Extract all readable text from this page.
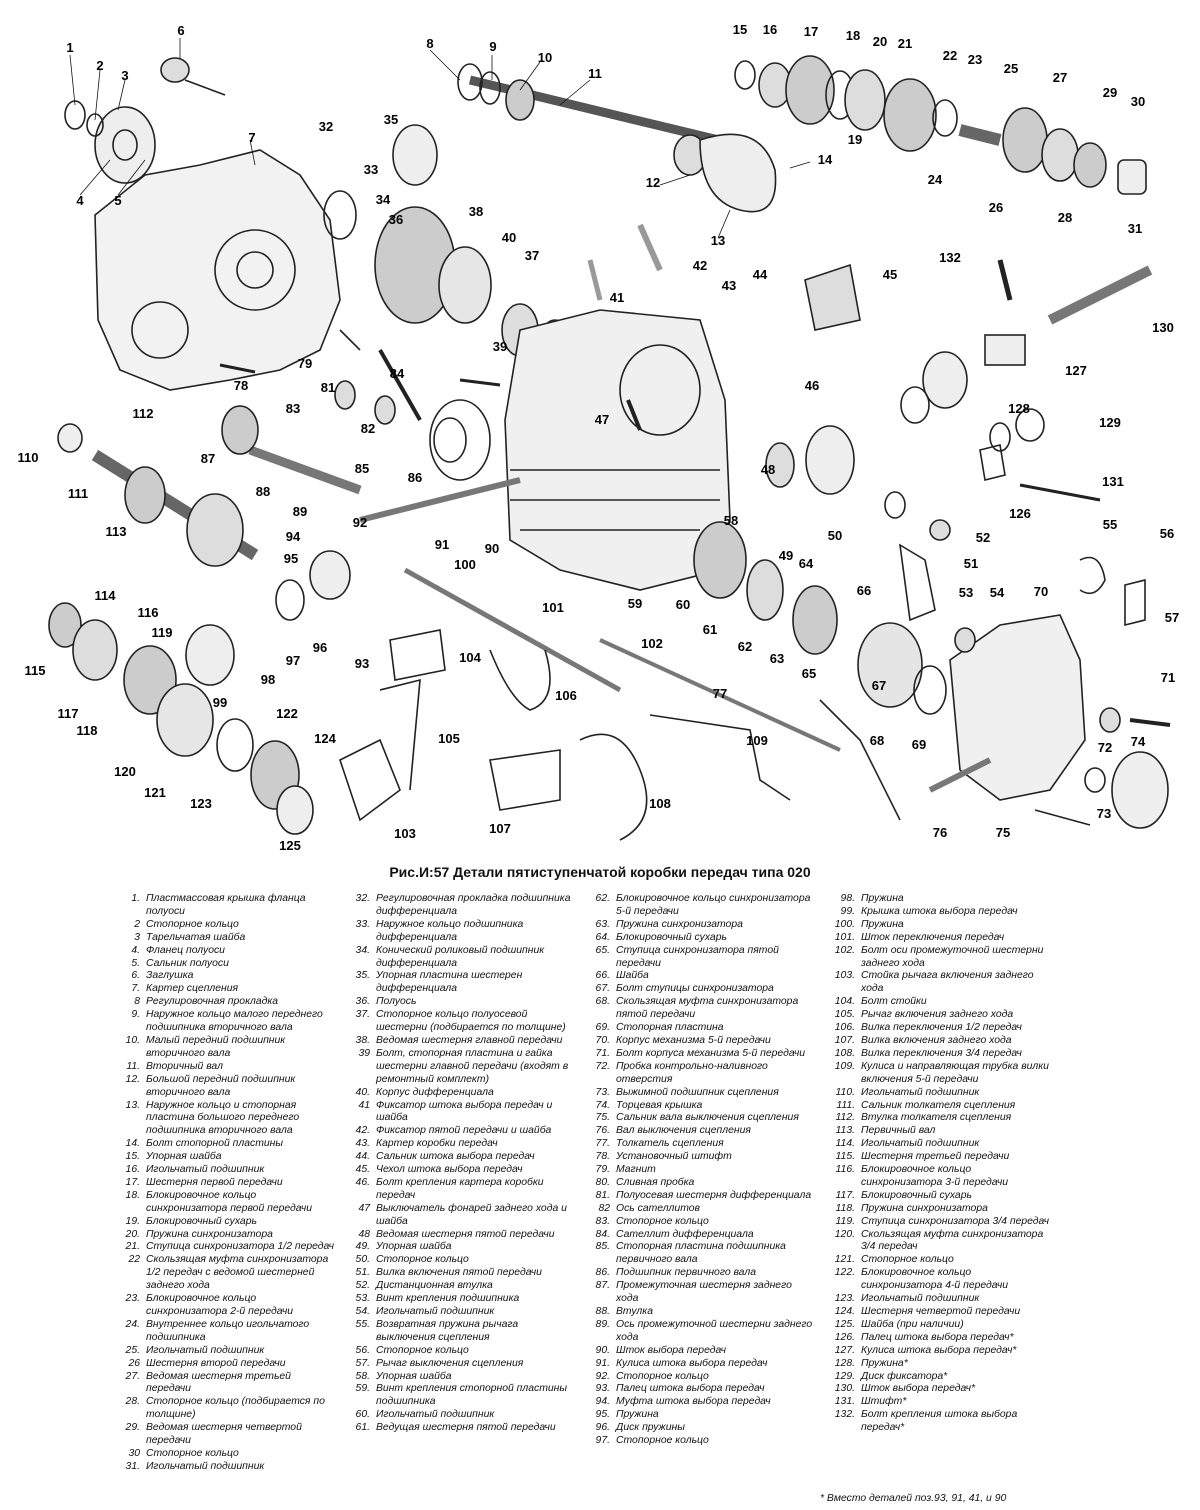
1
2
3
4 5
6
7
8	9
10
11
12
13
14
15 16 17 18
19
20 21
22 23
24
25
26
27
28
29
30
31
32
33
34
35
36
37
38
39
40
41
42
43
44	45
46
47
48
49
50
51
52
53 54
55
56
57
58
59	60
61
62
63
64
65
66
67
68 69
70
71
72
73
74
75
76
77
78
79
81
82
83
84
85
86
87
88
89
90
91
92
93
94
95
96
97
98
99
100
101
102
103
104
105
106
107
108
109
110
111
112
113
114
115
116
117
118
119
120
121
122
123
124
125
126
127
128
129
130
131
132
Рис.И:57 Детали пятиступенчатой коробки передач типа 020
1. Пластмассовая крышка фланца полуоси
2 Стопорное кольцо
3 Тарельчатая шайба
4. Фланец полуоси
5. Сальник полуоси
6. Заглушка
7. Картер сцепления
8 Регулировочная прокладка
9. Наружное кольцо малого переднего подшипника вторичного вала
10. Малый передний подшипник вторичного вала
11. Вторичный вал
12. Большой передний подшипник вторичного вала
13. Наружное кольцо и стопорная пластина большого переднего подшипника вторичного вала
14. Болт стопорной пластины
15. Упорная шайба
16. Игольчатый подшипник
17. Шестерня первой передачи
18. Блокировочное кольцо синхронизатора первой передачи
19. Блокировочный сухарь
20. Пружина синхронизатора
21. Ступица синхронизатора 1/2 передач
22 Скользящая муфта синхронизатора 1/2 передач с ведомой шестерней заднего хода
23. Блокировочное кольцо синхронизатора 2-й передачи
24. Внутреннее кольцо игольчатого подшипника
25. Игольчатый подшипник
26 Шестерня второй передачи
27. Ведомая шестерня третьей передачи
28. Стопорное кольцо (подбирается по толщине)
29. Ведомая шестерня четвертой передачи
30 Стопорное кольцо
31. Игольчатый подшипник
32. Регулировочная прокладка подшипника дифференциала
33. Наружное кольцо подшипника дифференциала
34. Конический роликовый подшипник дифференциала
35. Упорная пластина шестерен дифференциала
36. Полуось
37. Стопорное кольцо полуосевой шестерни (подбирается по толщине)
38. Ведомая шестерня главной передачи
39 Болт, стопорная пластина и гайка шестерни главной передачи (входят в ремонтный комплект)
40. Корпус дифференциала
41 Фиксатор штока выбора передач и шайба
42. Фиксатор пятой передачи и шайба
43. Картер коробки передач
44. Сальник штока выбора передач
45. Чехол штока выбора передач
46. Болт крепления картера коробки передач
47 Выключатель фонарей заднего хода и шайба
48 Ведомая шестерня пятой передачи
49. Упорная шайба
50. Стопорное кольцо
51. Вилка включения пятой передачи
52. Дистанционная втулка
53. Винт крепления подшипника
54. Игольчатый подшипник
55. Возвратная пружина рычага выключения сцепления
56. Стопорное кольцо
57. Рычаг выключения сцепления
58. Упорная шайба
59. Винт крепления стопорной пластины подшипника
60. Игольчатый подшипник
61. Ведущая шестерня пятой передачи
62. Блокировочное кольцо синхронизатора 5-й передачи
63. Пружина синхронизатора
64. Блокировочный сухарь
65. Ступица синхронизатора пятой передачи
66. Шайба
67. Болт ступицы синхронизатора
68. Скользящая муфта синхронизатора пятой передачи
69. Стопорная пластина
70. Корпус механизма 5-й передачи
71. Болт корпуса механизма 5-й передачи
72. Пробка контрольно-наливного отверстия
73. Выжимной подшипник сцепления
74. Торцевая крышка
75. Сальник вала выключения сцепления
76. Вал выключения сцепления
77. Толкатель сцепления
78. Установочный штифт
79. Магнит
80. Сливная пробка
81. Полуосевая шестерня дифференциала
82 Ось сателлитов
83. Стопорное кольцо
84. Сателлит дифференциала
85. Стопорная пластина подшипника первичного вала
86. Подшипник первичного вала
87. Промежуточная шестерня заднего хода
88. Втулка
89. Ось промежуточной шестерни заднего хода
90. Шток выбора передач
91. Кулиса штока выбора передач
92. Стопорное кольцо
93. Палец штока выбора передач
94. Муфта штока выбора передач
95. Пружина
96. Диск пружины
97. Стопорное кольцо
98. Пружина
99. Крышка штока выбора передач
100. Пружина
101. Шток переключения передач
102. Болт оси промежуточной шестерни заднего хода
103. Стойка рычага включения заднего хода
104. Болт стойки
105. Рычаг включения заднего хода
106. Вилка переключения 1/2 передач
107. Вилка включения заднего хода
108. Вилка переключения 3/4 передач
109. Кулиса и направляющая трубка вилки включения 5-й передачи
110. Игольчатый подшипник
111. Сальник толкателя сцепления
112. Втулка толкателя сцепления
113. Первичный вал
114. Игольчатый подшипник
115. Шестерня третьей передачи
116. Блокировочное кольцо синхронизатора 3-й передачи
117. Блокировочный сухарь
118. Пружина синхронизатора
119. Ступица синхронизатора 3/4 передач
120. Скользящая муфта синхронизатора 3/4 передач
121. Стопорное кольцо
122. Блокировочное кольцо синхронизатора 4-й передачи
123. Игольчатый подшипник
124. Шестерня четвертой передачи
125. Шайба (при наличии)
126. Палец штока выбора передач*
127. Кулиса штока выбора передач*
128. Пружина*
129. Диск фиксатора*
130. Шток выбора передач*
131. Штифт*
132. Болт крепления штока выбора передач*
* Вместо деталей поз.93, 91, 41, и 90
